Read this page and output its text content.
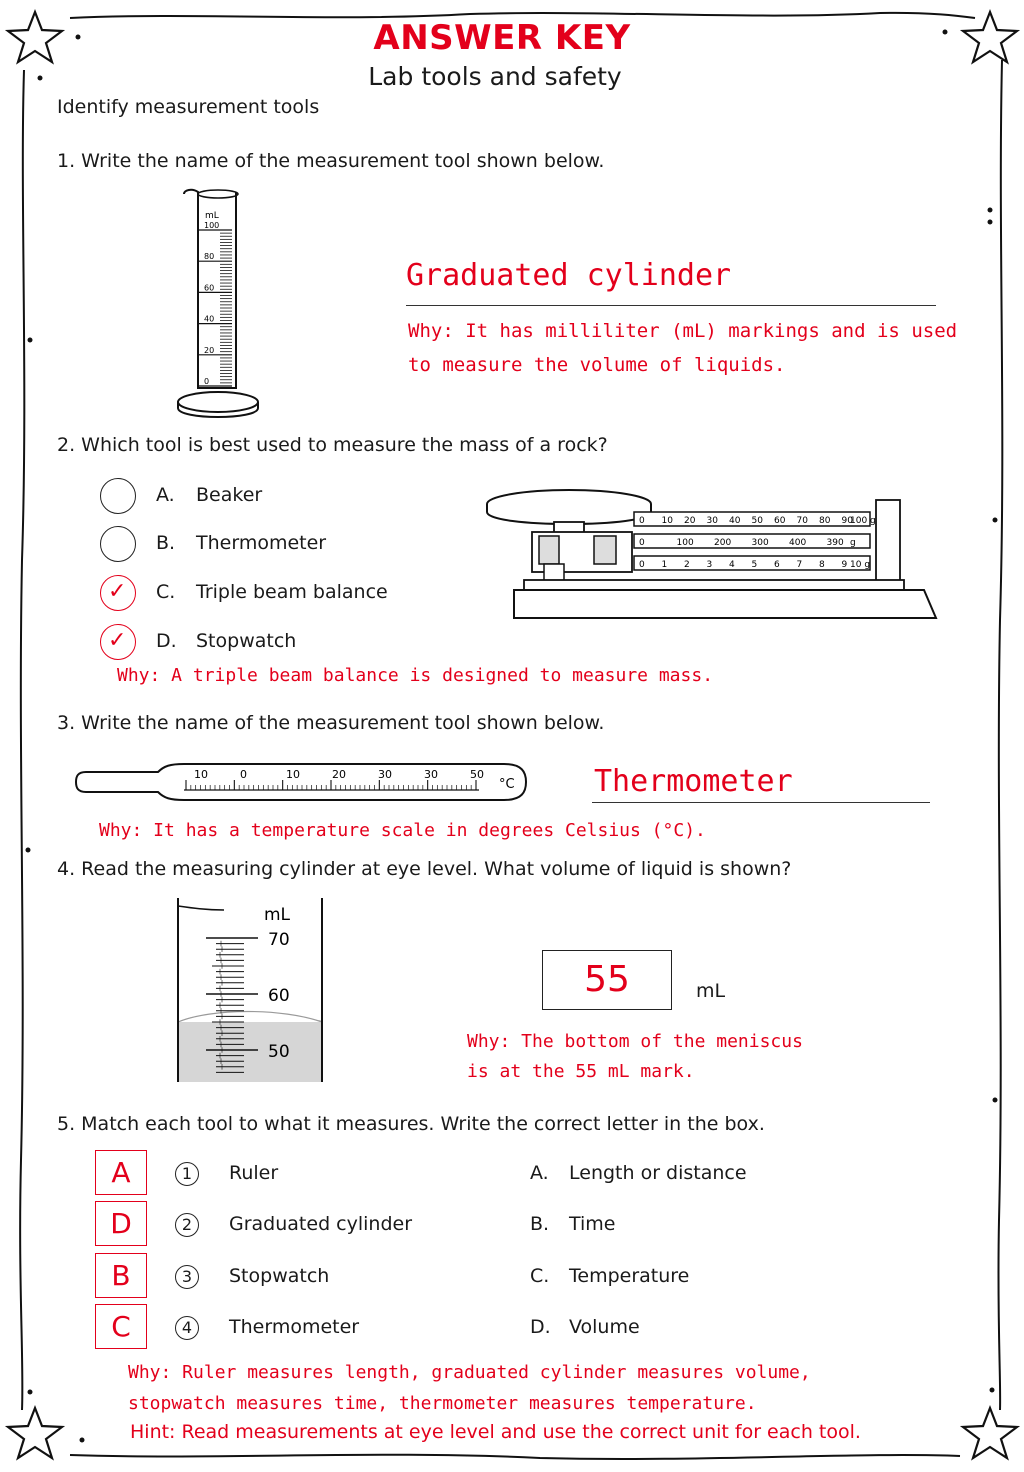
ANSWER KEY
Lab tools and safety
Identify measurement tools
1. Write the name of the measurement tool shown below.
mL
100
80
60
40
20
0
Graduated cylinder
Why: It has milliliter (mL) markings and is used
to measure the volume of liquids.
2. Which tool is best used to measure the mass of a rock?
A. Beaker
B. Thermometer
✓ C. Triple beam balance
✓ D. Stopwatch
Why: A triple beam balance is designed to measure mass.
0 10 20 30 40 50 60 70 80 90
100 g
0	100 200 300 400 390 g
0 1 2 3 4 5 6 7 8 9 10 g
3. Write the name of the measurement tool shown below.
10	0	10	20	30	30	50
°C	Thermometer
Why: It has a temperature scale in degrees Celsius (°C).
4. Read the measuring cylinder at eye level. What volume of liquid is shown?
mL
70
60
50
55	mL
Why: The bottom of the meniscus
is at the 55 mL mark.
5. Match each tool to what it measures. Write the correct letter in the box.
A	1	Ruler	A. Length or distance
D	2	Graduated cylinder	B. Time
B	3	Stopwatch	C. Temperature
C	4	Thermometer	D. Volume
Why: Ruler measures length, graduated cylinder measures volume,
stopwatch measures time, thermometer measures temperature.
Hint: Read measurements at eye level and use the correct unit for each tool.
